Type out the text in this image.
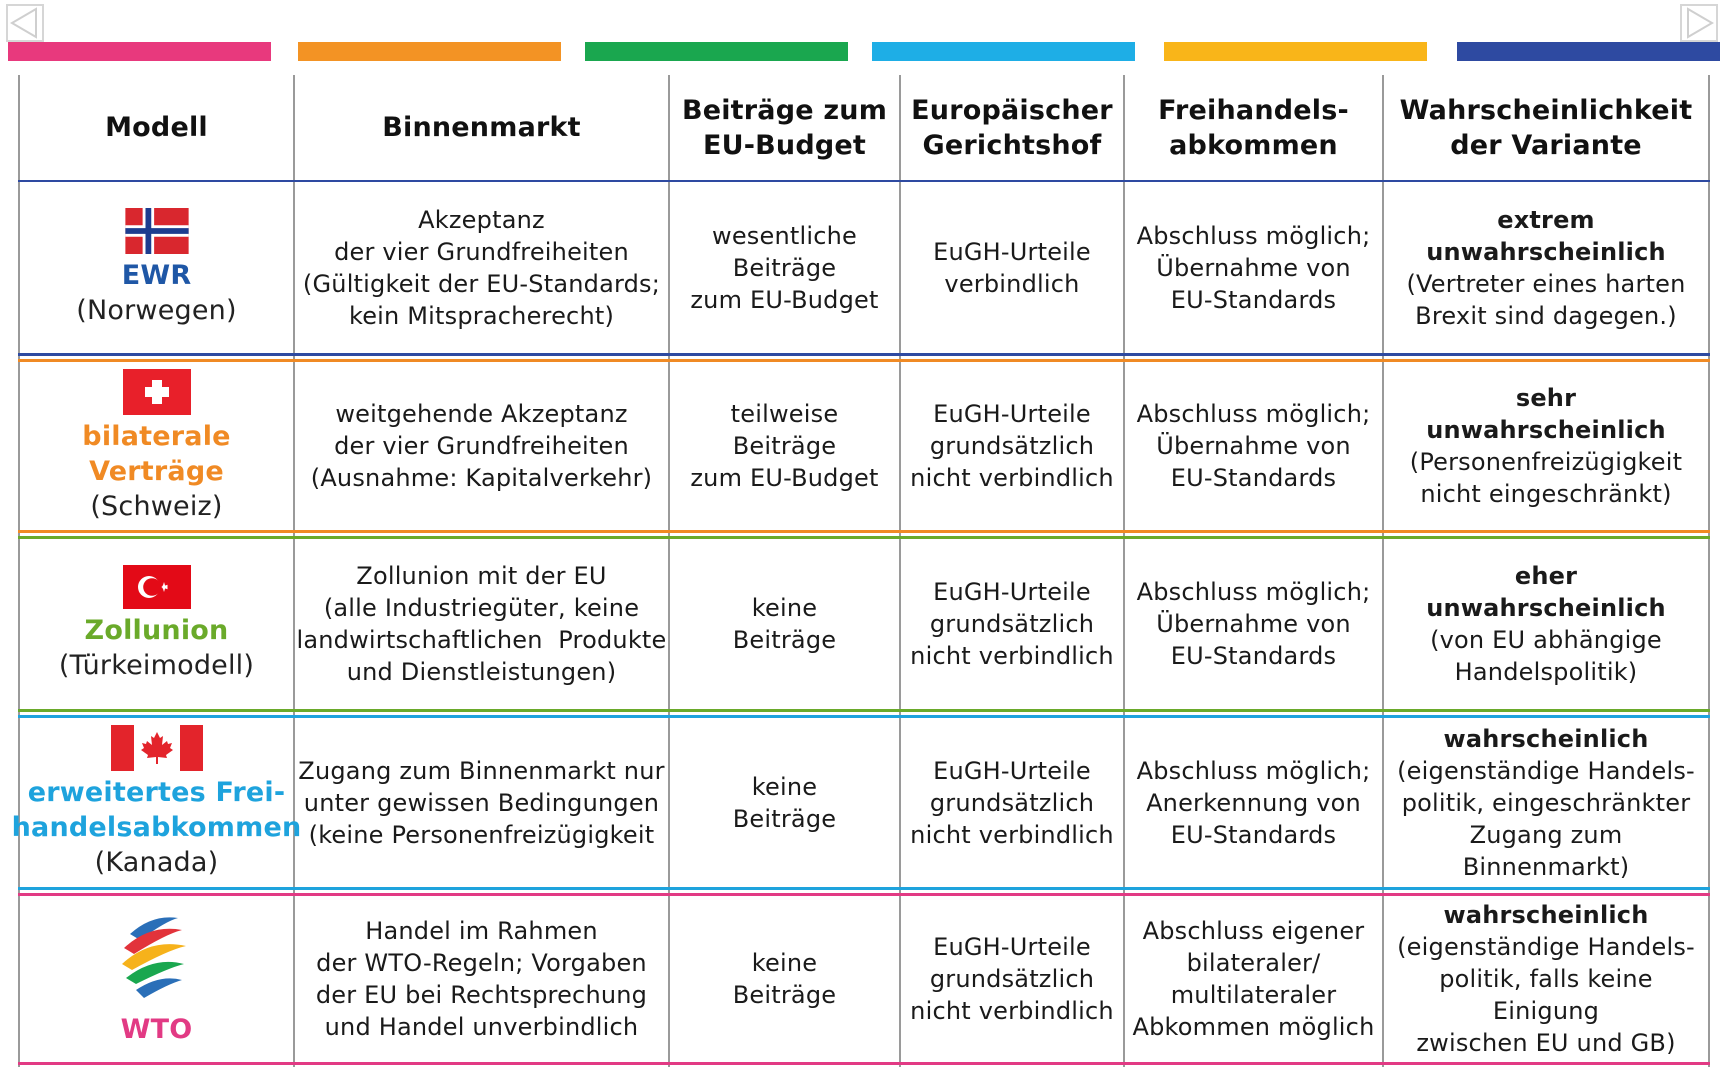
Modell	Binnenmarkt
Beiträge zum
EU-Budget
Europäischer
Gerichtshof
Freihandels-
abkommen
Wahrscheinlichkeit
der Variante
EWR
(Norwegen)
Akzeptanz
der vier Grundfreiheiten
(Gültigkeit der EU-Standards;
kein Mitspracherecht)
wesentliche
Beiträge
zum EU-Budget
EuGH-Urteile
verbindlich
Abschluss möglich;
Übernahme von
EU-Standards
extrem
unwahrscheinlich
(Vertreter eines harten
Brexit sind dagegen.)
bilaterale
Verträge
(Schweiz)
weitgehende Akzeptanz
der vier Grundfreiheiten
(Ausnahme: Kapitalverkehr)
teilweise
Beiträge
zum EU-Budget
EuGH-Urteile
grundsätzlich
nicht verbindlich
Abschluss möglich;
Übernahme von
EU-Standards
sehr
unwahrscheinlich
(Personenfreizügigkeit
nicht eingeschränkt)
Zollunion
(Türkeimodell)
Zollunion mit der EU
(alle Industriegüter, keine
landwirtschaftlichen  Produkte
und Dienstleistungen)
keine
Beiträge
EuGH-Urteile
grundsätzlich
nicht verbindlich
Abschluss möglich;
Übernahme von
EU-Standards
eher
unwahrscheinlich
(von EU abhängige
Handelspolitik)
erweitertes Frei-
handelsabkommen
(Kanada)
Zugang zum Binnenmarkt nur
unter gewissen Bedingungen
(keine Personenfreizügigkeit
keine
Beiträge
EuGH-Urteile
grundsätzlich
nicht verbindlich
Abschluss möglich;
Anerkennung von
EU-Standards
wahrscheinlich
(eigenständige Handels-
politik, eingeschränkter
Zugang zum Binnenmarkt)
WTO
Handel im Rahmen
der WTO-Regeln; Vorgaben
der EU bei Rechtsprechung
und Handel unverbindlich
keine
Beiträge
EuGH-Urteile
grundsätzlich
nicht verbindlich
Abschluss eigener
bilateraler/
multilateraler
Abkommen möglich
wahrscheinlich
(eigenständige Handels-
politik, falls keine Einigung
zwischen EU und GB)
